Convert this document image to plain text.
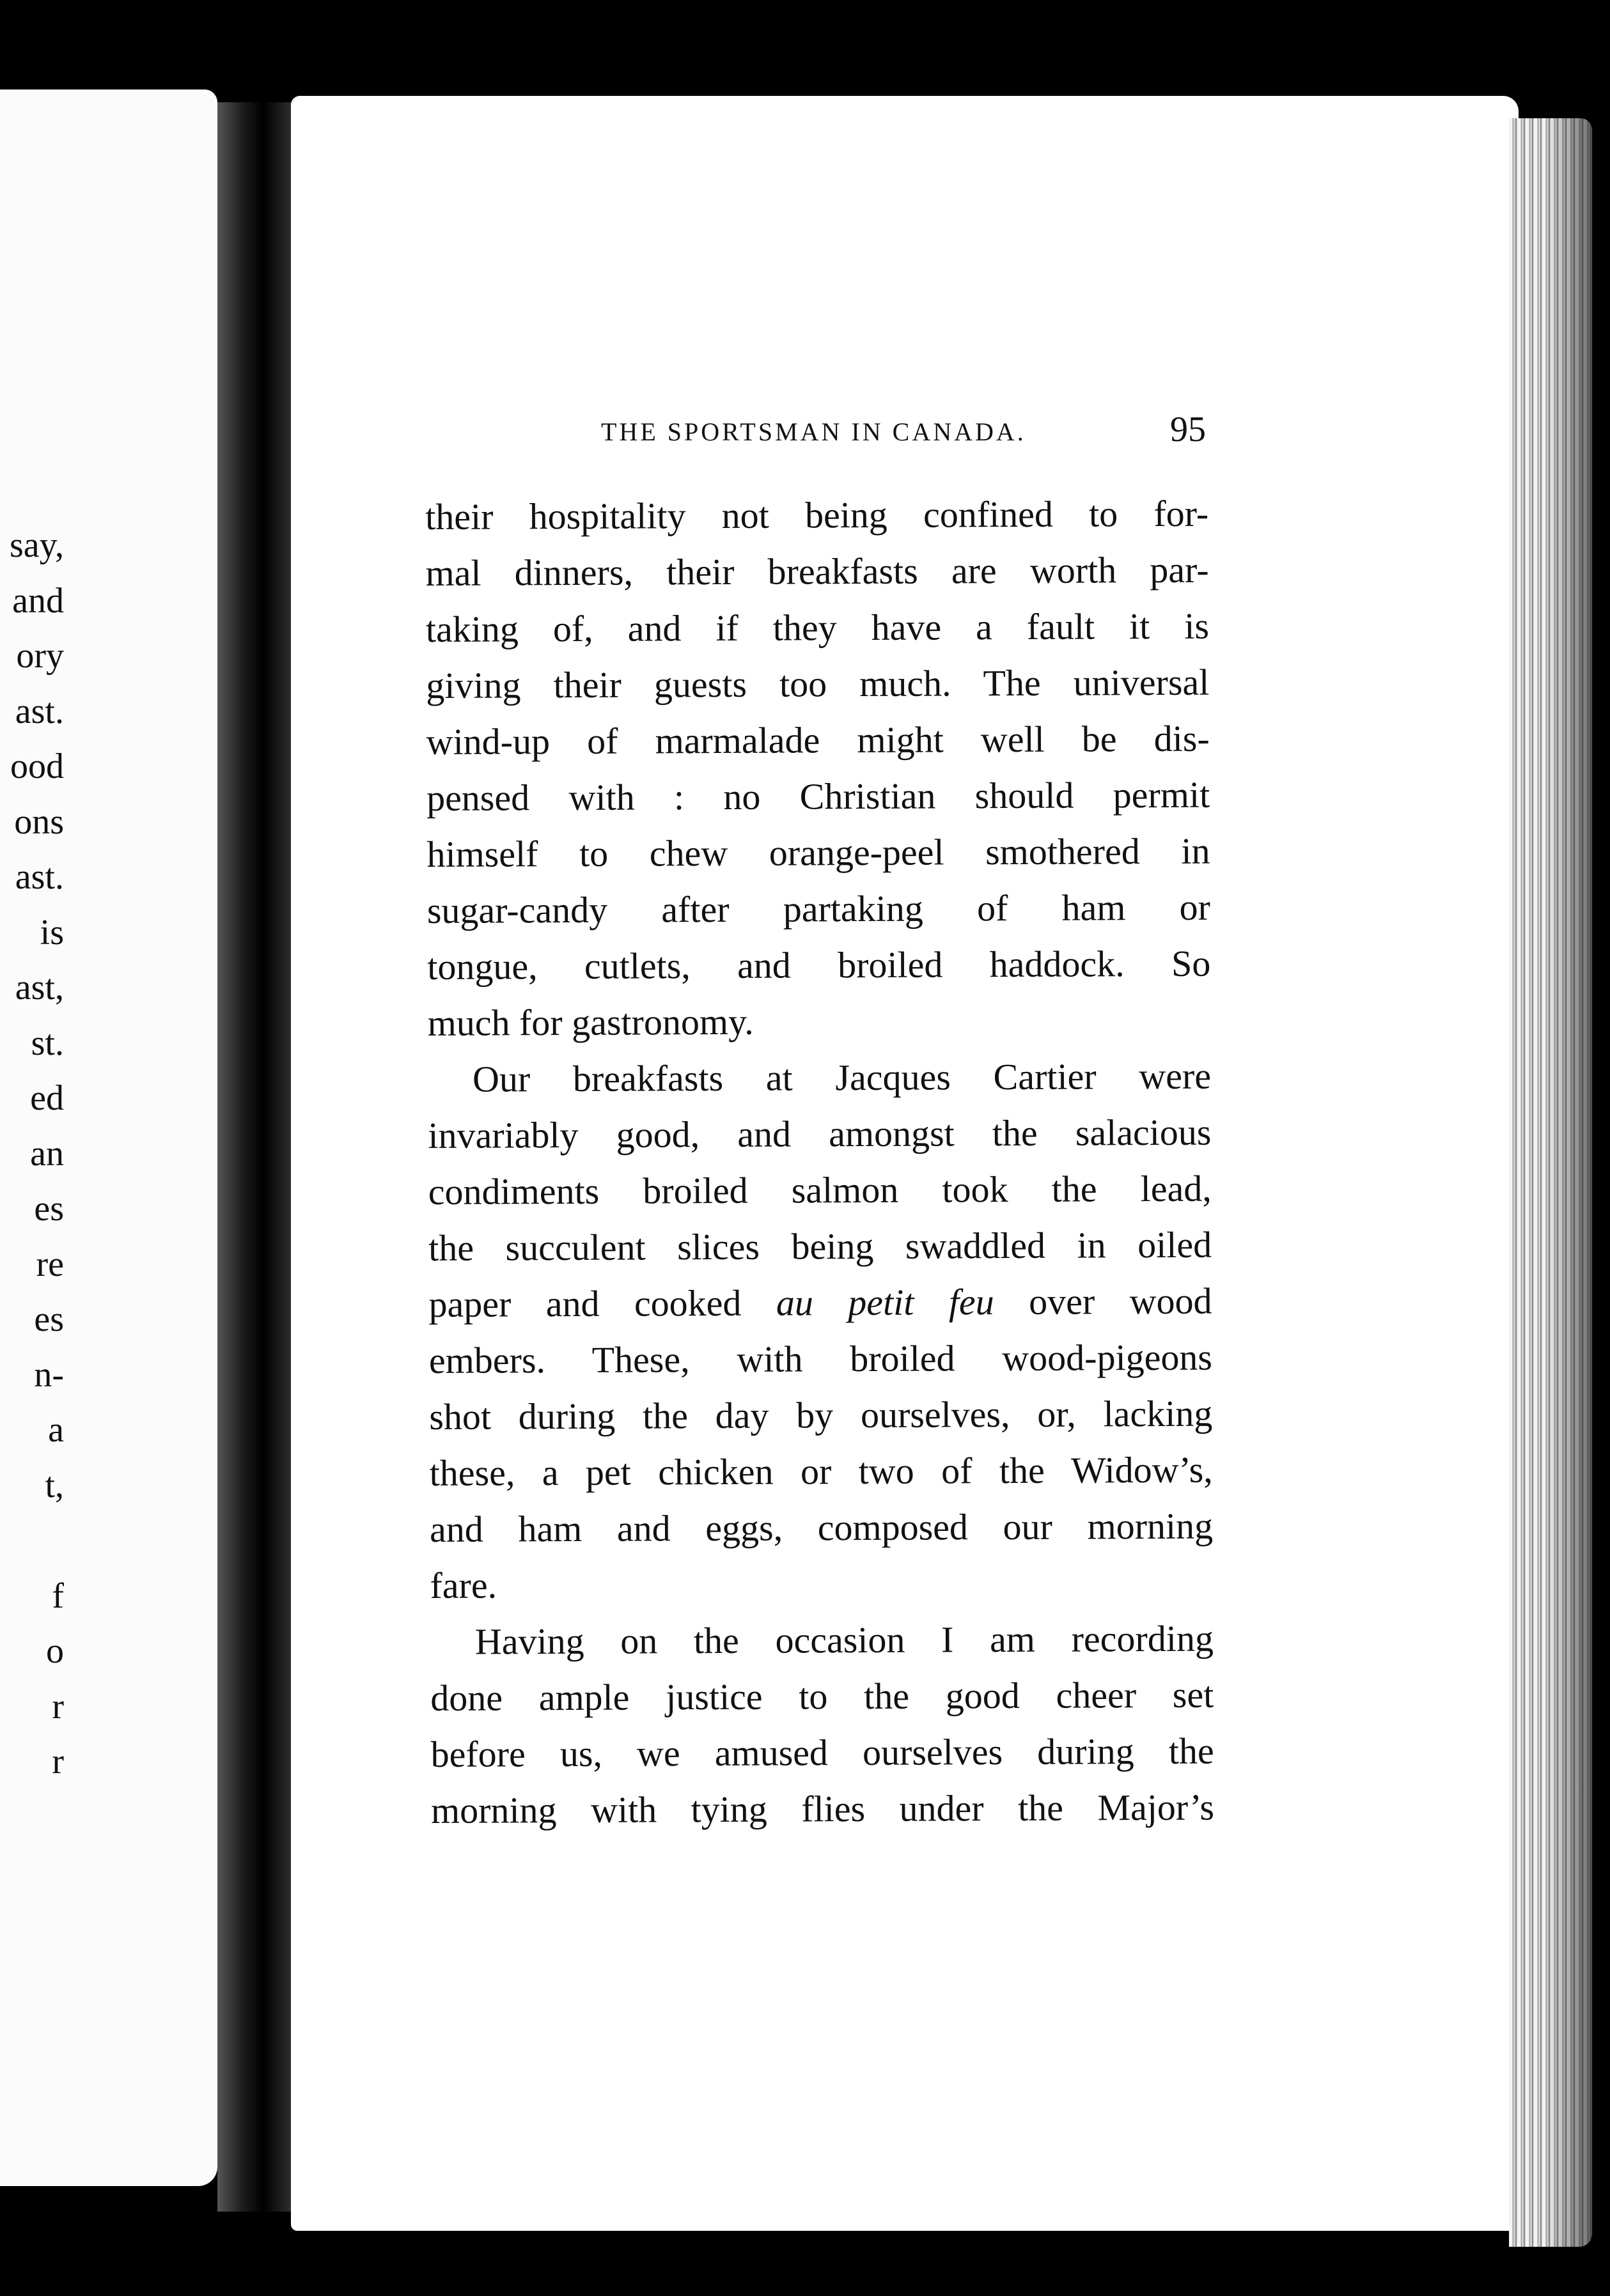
say,
and
ory
ast.
ood
ons
ast.
is
ast,
st.
ed
an
es
re
es
n-
a
t,
f
o
r
r
THE SPORTSMAN IN CANADA.	95
their hospitality not being confined to for-
mal dinners, their breakfasts are worth par-
taking of, and if they have a fault it is
giving their guests too much. The universal
wind-up of marmalade might well be dis-
pensed with : no Christian should permit
himself to chew orange-peel smothered in
sugar-candy after partaking of ham or
tongue, cutlets, and broiled haddock. So
much for gastronomy.
Our breakfasts at Jacques Cartier were
invariably good, and amongst the salacious
condiments broiled salmon took the lead,
the succulent slices being swaddled in oiled
paper and cooked au petit feu over wood
embers. These, with broiled wood-pigeons
shot during the day by ourselves, or, lacking
these, a pet chicken or two of the Widow’s,
and ham and eggs, composed our morning
fare.
Having on the occasion I am recording
done ample justice to the good cheer set
before us, we amused ourselves during the
morning with tying flies under the Major’s
